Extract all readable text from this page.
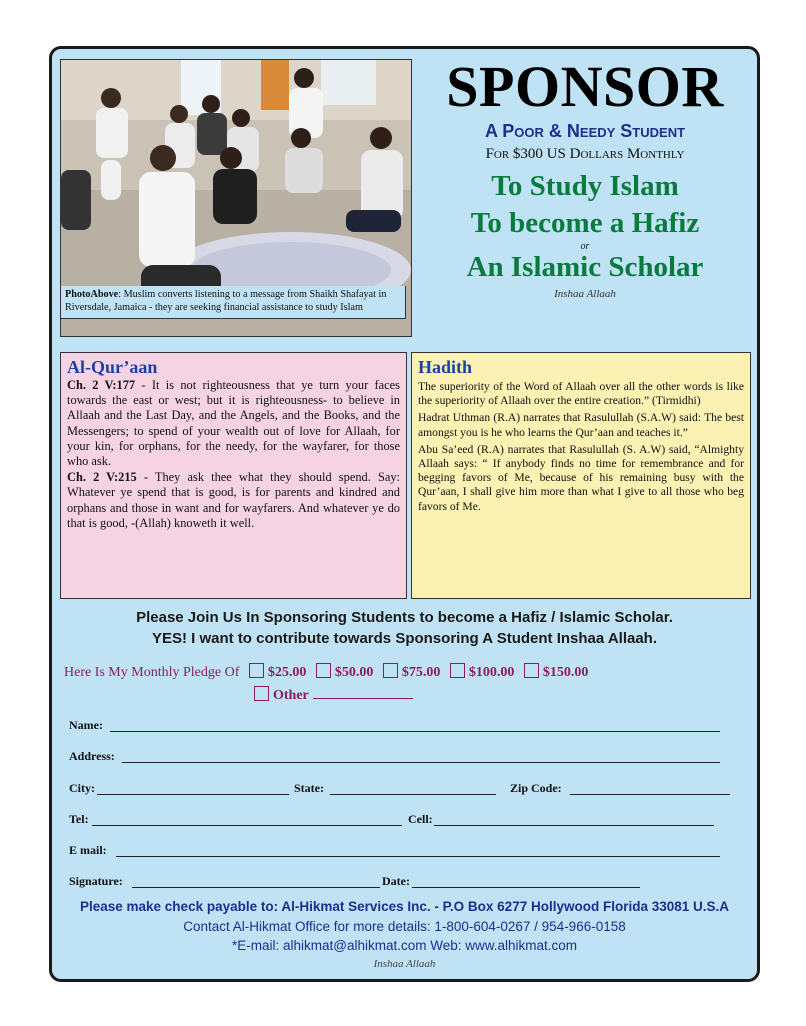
PhotoAbove: Muslim converts listening to a message from Shaikh Shafayat in Riversdale, Jamaica - they are seeking financial assistance to study Islam
SPONSOR
A Poor & Needy Student
For $300 US Dollars Monthly
To Study Islam
To become a Hafiz
or
An Islamic Scholar
Inshaa Allaah
Al-Qur’aan

Ch. 2 V:177 - It is not righteousness that ye turn your faces towards the east or west; but it is righteousness- to believe in Allaah and the Last Day, and the Angels, and the Books, and the Messengers; to spend of your wealth out of love for Allaah, for your kin, for orphans, for the needy, for the wayfarer, for those who ask.

Ch. 2 V:215 - They ask thee what they should spend. Say: Whatever ye spend that is good, is for parents and kindred and orphans and those in want and for wayfarers. And whatever ye do that is good, -(Allah) knoweth it well.

Hadith

The superiority of the Word of Allaah over all the other words is like the superiority of Allaah over the entire creation.” (Tirmidhi)

Hadrat Uthman (R.A) narrates that Rasulullah (S.A.W) said: The best amongst you is he who learns the Qur’aan and teaches it.”

Abu Sa’eed (R.A) narrates that Rasulullah (S. A.W) said, “Almighty Allaah says: “ If anybody finds no time for remembrance and for begging favors of Me, because of his remaining busy with the Qur’aan, I shall give him more than what I give to all those who beg favors of Me.

Please Join Us In Sponsoring Students to become a Hafiz / Islamic Scholar.
YES! I want to contribute towards Sponsoring A Student Inshaa Allaah.
Here Is My Monthly Pledge Of $25.00 $50.00 $75.00 $100.00 $150.00
Other
Name:
Address:
City:	State:	Zip Code:
Tel:	Cell:
E mail:
Signature:	Date:
Please make check payable to: Al-Hikmat Services Inc. - P.O Box 6277 Hollywood Florida 33081 U.S.A
Contact Al-Hikmat Office for more details: 1-800-604-0267 / 954-966-0158
*E-mail: alhikmat@alhikmat.com Web: www.alhikmat.com
Inshaa Allaah
